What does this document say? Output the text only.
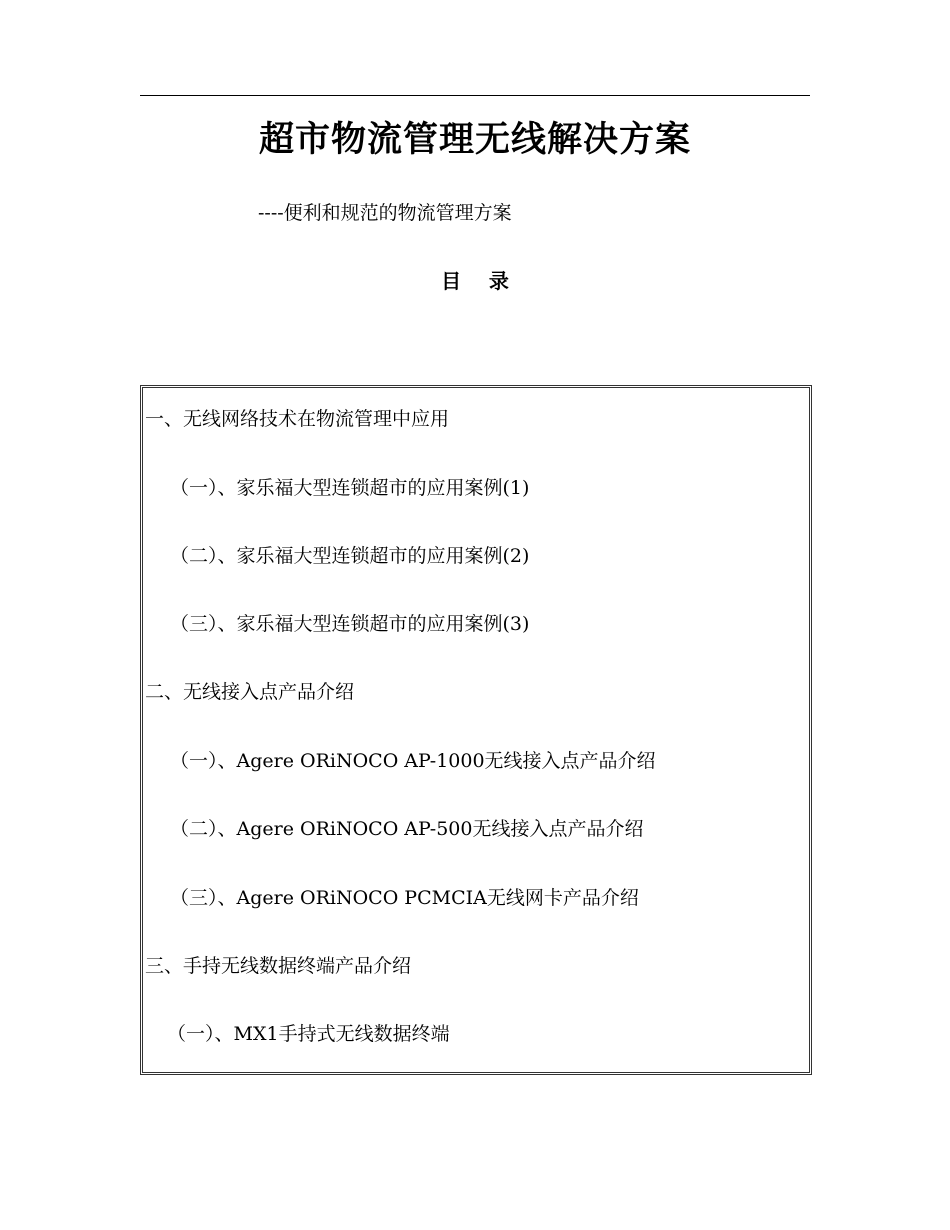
超市物流管理无线解决方案
----便利和规范的物流管理方案
目    录
一、无线网络技术在物流管理中应用
（一）、家乐福大型连锁超市的应用案例(1)
（二）、家乐福大型连锁超市的应用案例(2)
（三）、家乐福大型连锁超市的应用案例(3)
二、无线接入点产品介绍
（一）、Agere ORiNOCO AP-1000无线接入点产品介绍
（二）、Agere ORiNOCO AP-500无线接入点产品介绍
（三）、Agere ORiNOCO PCMCIA无线网卡产品介绍
三、手持无线数据终端产品介绍
（一）、MX1手持式无线数据终端
